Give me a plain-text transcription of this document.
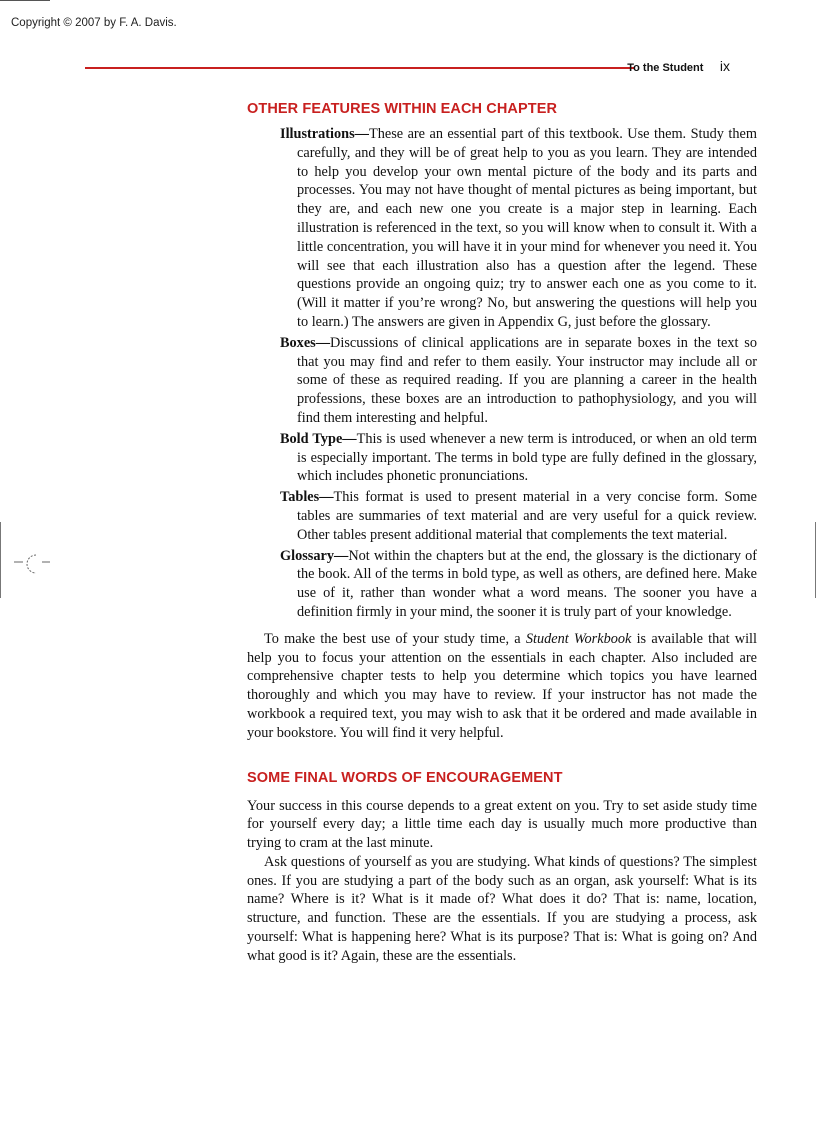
Copyright © 2007 by F. A. Davis.
To the Student ix
OTHER FEATURES WITHIN EACH CHAPTER

Illustrations—These are an essential part of this textbook. Use them. Study them carefully, and they will be of great help to you as you learn. They are intended to help you develop your own mental picture of the body and its parts and processes. You may not have thought of mental pictures as being important, but they are, and each new one you create is a major step in learning. Each illustration is referenced in the text, so you will know when to consult it. With a little concentration, you will have it in your mind for whenever you need it. You will see that each illustration also has a question after the legend. These questions provide an ongoing quiz; try to answer each one as you come to it. (Will it matter if you’re wrong? No, but answering the questions will help you to learn.) The answers are given in Appendix G, just before the glossary.

Boxes—Discussions of clinical applications are in separate boxes in the text so that you may find and refer to them easily. Your instructor may include all or some of these as required reading. If you are planning a career in the health professions, these boxes are an introduction to pathophysiology, and you will find them interesting and helpful.

Bold Type—This is used whenever a new term is introduced, or when an old term is especially important. The terms in bold type are fully defined in the glossary, which includes phonetic pronunciations.

Tables—This format is used to present material in a very concise form. Some tables are summaries of text material and are very useful for a quick review. Other tables present additional material that complements the text material.

Glossary—Not within the chapters but at the end, the glossary is the dictionary of the book. All of the terms in bold type, as well as others, are defined here. Make use of it, rather than wonder what a word means. The sooner you have a definition firmly in your mind, the sooner it is truly part of your knowledge.

To make the best use of your study time, a Student Workbook is available that will help you to focus your attention on the essentials in each chapter. Also included are comprehensive chapter tests to help you determine which topics you have learned thoroughly and which you may have to review. If your instructor has not made the workbook a required text, you may wish to ask that it be ordered and made available in your bookstore. You will find it very helpful.

SOME FINAL WORDS OF ENCOURAGEMENT

Your success in this course depends to a great extent on you. Try to set aside study time for yourself every day; a little time each day is usually much more productive than trying to cram at the last minute.

Ask questions of yourself as you are studying. What kinds of questions? The simplest ones. If you are studying a part of the body such as an organ, ask yourself: What is its name? Where is it? What is it made of? What does it do? That is: name, location, structure, and function. These are the essentials. If you are studying a process, ask yourself: What is happening here? What is its purpose? That is: What is going on? And what good is it? Again, these are the essentials.
